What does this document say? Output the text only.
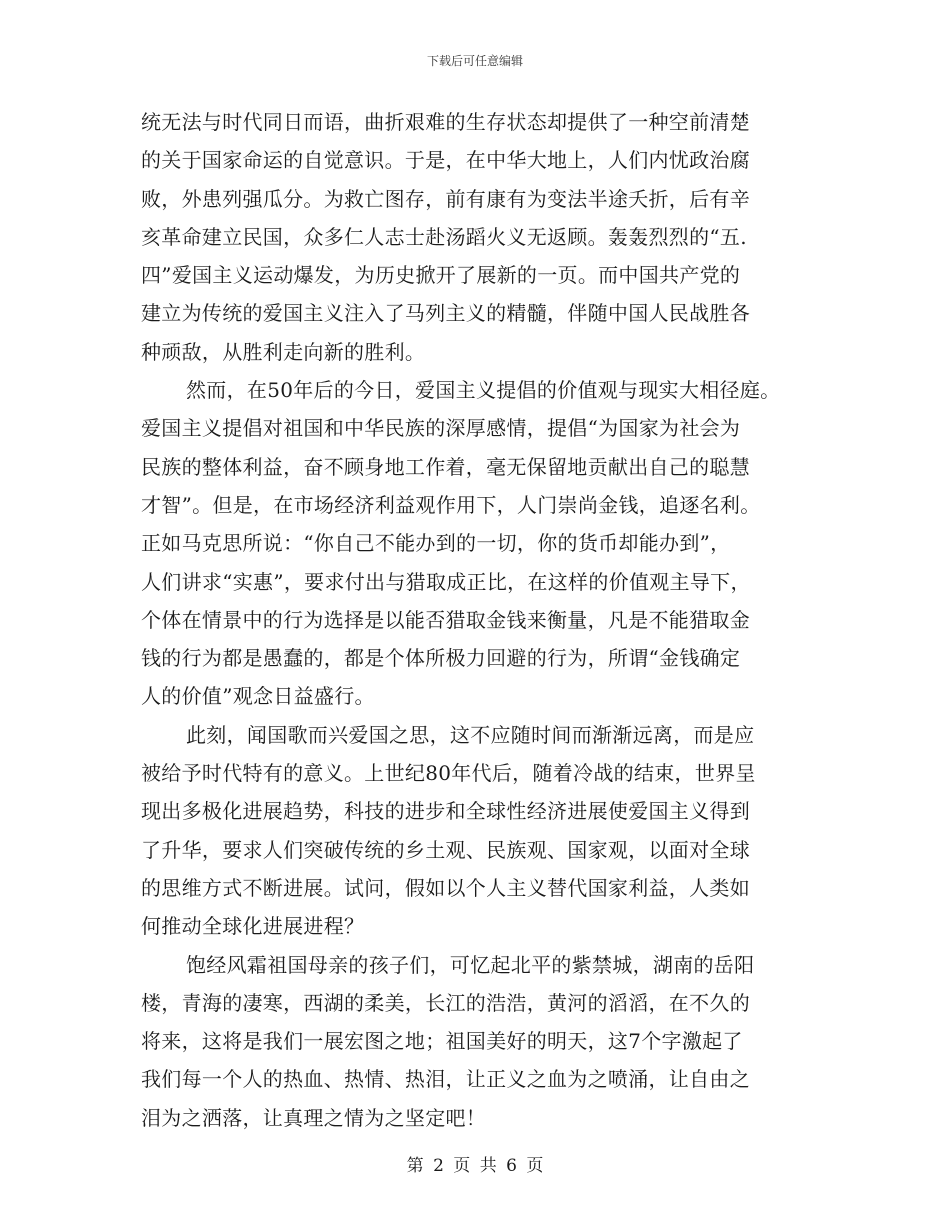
下载后可任意编辑
统无法与时代同日而语，曲折艰难的生存状态却提供了一种空前清楚
的关于国家命运的自觉意识。于是，在中华大地上，人们内忧政治腐
败，外患列强瓜分。为救亡图存，前有康有为变法半途夭折，后有辛
亥革命建立民国，众多仁人志士赴汤蹈火义无返顾。轰轰烈烈的“五.
四”爱国主义运动爆发，为历史掀开了展新的一页。而中国共产党的
建立为传统的爱国主义注入了马列主义的精髓，伴随中国人民战胜各
种顽敌，从胜利走向新的胜利。
然而，在50年后的今日，爱国主义提倡的价值观与现实大相径庭。
爱国主义提倡对祖国和中华民族的深厚感情，提倡“为国家为社会为
民族的整体利益，奋不顾身地工作着，毫无保留地贡献出自己的聪慧
才智”。但是，在市场经济利益观作用下，人门崇尚金钱，追逐名利。
正如马克思所说：“你自己不能办到的一切，你的货币却能办到”，
人们讲求“实惠”，要求付出与猎取成正比，在这样的价值观主导下，
个体在情景中的行为选择是以能否猎取金钱来衡量，凡是不能猎取金
钱的行为都是愚蠢的，都是个体所极力回避的行为，所谓“金钱确定
人的价值”观念日益盛行。
此刻，闻国歌而兴爱国之思，这不应随时间而渐渐远离，而是应
被给予时代特有的意义。上世纪80年代后，随着冷战的结束，世界呈
现出多极化进展趋势，科技的进步和全球性经济进展使爱国主义得到
了升华，要求人们突破传统的乡土观、民族观、国家观，以面对全球
的思维方式不断进展。试问，假如以个人主义替代国家利益，人类如
何推动全球化进展进程？
饱经风霜祖国母亲的孩子们，可忆起北平的紫禁城，湖南的岳阳
楼，青海的凄寒，西湖的柔美，长江的浩浩，黄河的滔滔，在不久的
将来，这将是我们一展宏图之地；祖国美好的明天，这7个字激起了
我们每一个人的热血、热情、热泪，让正义之血为之喷涌，让自由之
泪为之洒落，让真理之情为之坚定吧！
第 2 页 共 6 页
